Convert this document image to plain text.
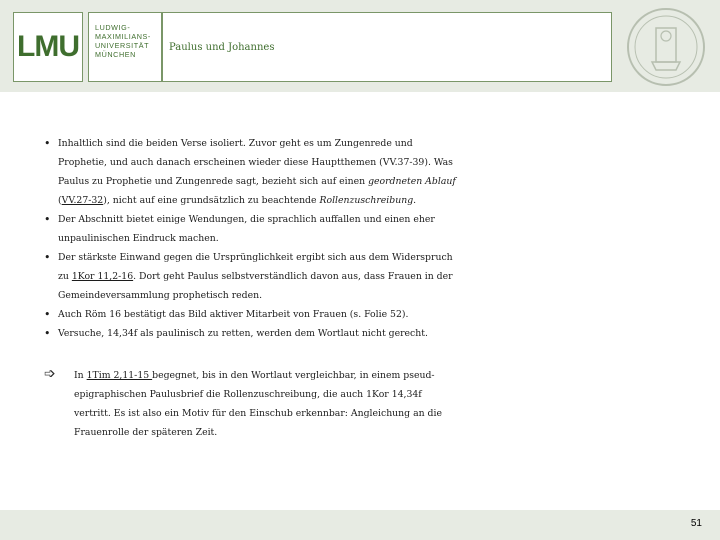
LMU
LUDWIG-
MAXIMILIANS-
UNIVERSITÄT
MÜNCHEN
Paulus und Johannes
• Inhaltlich sind die beiden Verse isoliert. Zuvor geht es um Zungenrede und Prophetie, und auch danach erscheinen wieder diese Hauptthemen (VV.37-39). Was Paulus zu Prophetie und Zungenrede sagt, bezieht sich auf einen geordneten Ablauf (VV.27-32), nicht auf eine grundsätzlich zu beachtende Rollenzuschreibung.
• Der Abschnitt bietet einige Wendungen, die sprachlich auffallen und einen eher unpaulinischen Eindruck machen.
• Der stärkste Einwand gegen die Ursprünglichkeit ergibt sich aus dem Widerspruch zu 1Kor 11,2-16. Dort geht Paulus selbstverständlich davon aus, dass Frauen in der Gemeindeversammlung prophetisch reden.
• Auch Röm 16 bestätigt das Bild aktiver Mitarbeit von Frauen (s. Folie 52).
• Versuche, 14,34f als paulinisch zu retten, werden dem Wortlaut nicht gerecht.
➩	In 1Tim 2,11-15 begegnet, bis in den Wortlaut vergleichbar, in einem pseud-epigraphischen Paulusbrief die Rollenzuschreibung, die auch 1Kor 14,34f vertritt. Es ist also ein Motiv für den Einschub erkennbar: Angleichung an die Frauenrolle der späteren Zeit.
51
